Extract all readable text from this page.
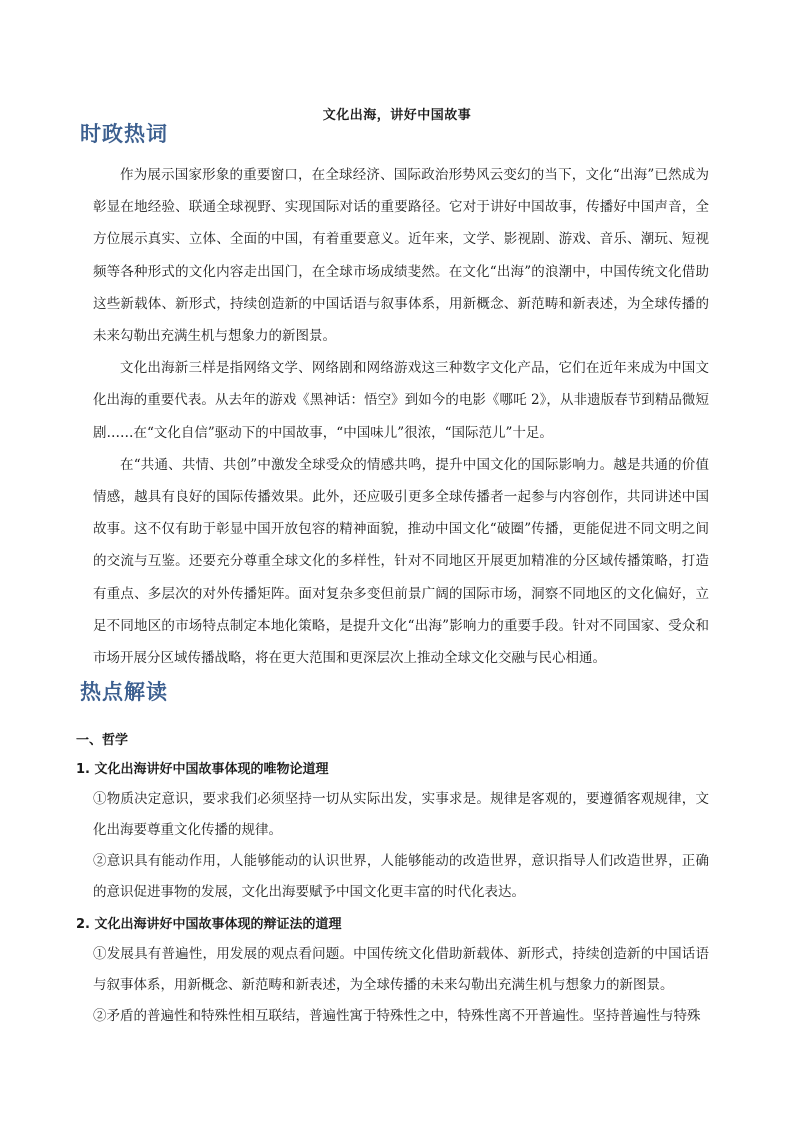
文化出海，讲好中国故事
时政热词

作为展示国家形象的重要窗口，在全球经济、国际政治形势风云变幻的当下，文化“出海”已然成为彰显在地经验、联通全球视野、实现国际对话的重要路径。它对于讲好中国故事，传播好中国声音，全方位展示真实、立体、全面的中国，有着重要意义。近年来，文学、影视剧、游戏、音乐、潮玩、短视频等各种形式的文化内容走出国门，在全球市场成绩斐然。在文化“出海”的浪潮中，中国传统文化借助这些新载体、新形式，持续创造新的中国话语与叙事体系，用新概念、新范畴和新表述，为全球传播的未来勾勒出充满生机与想象力的新图景。

文化出海新三样是指网络文学、网络剧和网络游戏这三种数字文化产品，它们在近年来成为中国文化出海的重要代表。从去年的游戏《黑神话：悟空》到如今的电影《哪吒 2》，从非遗版春节到精品微短剧……在“文化自信”驱动下的中国故事，“中国味儿”很浓，“国际范儿”十足。

在“共通、共情、共创”中激发全球受众的情感共鸣，提升中国文化的国际影响力。越是共通的价值情感，越具有良好的国际传播效果。此外，还应吸引更多全球传播者一起参与内容创作，共同讲述中国故事。这不仅有助于彰显中国开放包容的精神面貌，推动中国文化“破圈”传播，更能促进不同文明之间的交流与互鉴。还要充分尊重全球文化的多样性，针对不同地区开展更加精准的分区域传播策略，打造有重点、多层次的对外传播矩阵。面对复杂多变但前景广阔的国际市场，洞察不同地区的文化偏好，立足不同地区的市场特点制定本地化策略，是提升文化“出海”影响力的重要手段。针对不同国家、受众和市场开展分区域传播战略，将在更大范围和更深层次上推动全球文化交融与民心相通。

热点解读
一、哲学
1. 文化出海讲好中国故事体现的唯物论道理

①物质决定意识，要求我们必须坚持一切从实际出发，实事求是。规律是客观的，要遵循客观规律，文化出海要尊重文化传播的规律。

②意识具有能动作用，人能够能动的认识世界，人能够能动的改造世界，意识指导人们改造世界，正确的意识促进事物的发展，文化出海要赋予中国文化更丰富的时代化表达。

2. 文化出海讲好中国故事体现的辩证法的道理

①发展具有普遍性，用发展的观点看问题。中国传统文化借助新载体、新形式，持续创造新的中国话语与叙事体系，用新概念、新范畴和新表述，为全球传播的未来勾勒出充满生机与想象力的新图景。

②矛盾的普遍性和特殊性相互联结，普遍性寓于特殊性之中，特殊性离不开普遍性。坚持普遍性与特殊
